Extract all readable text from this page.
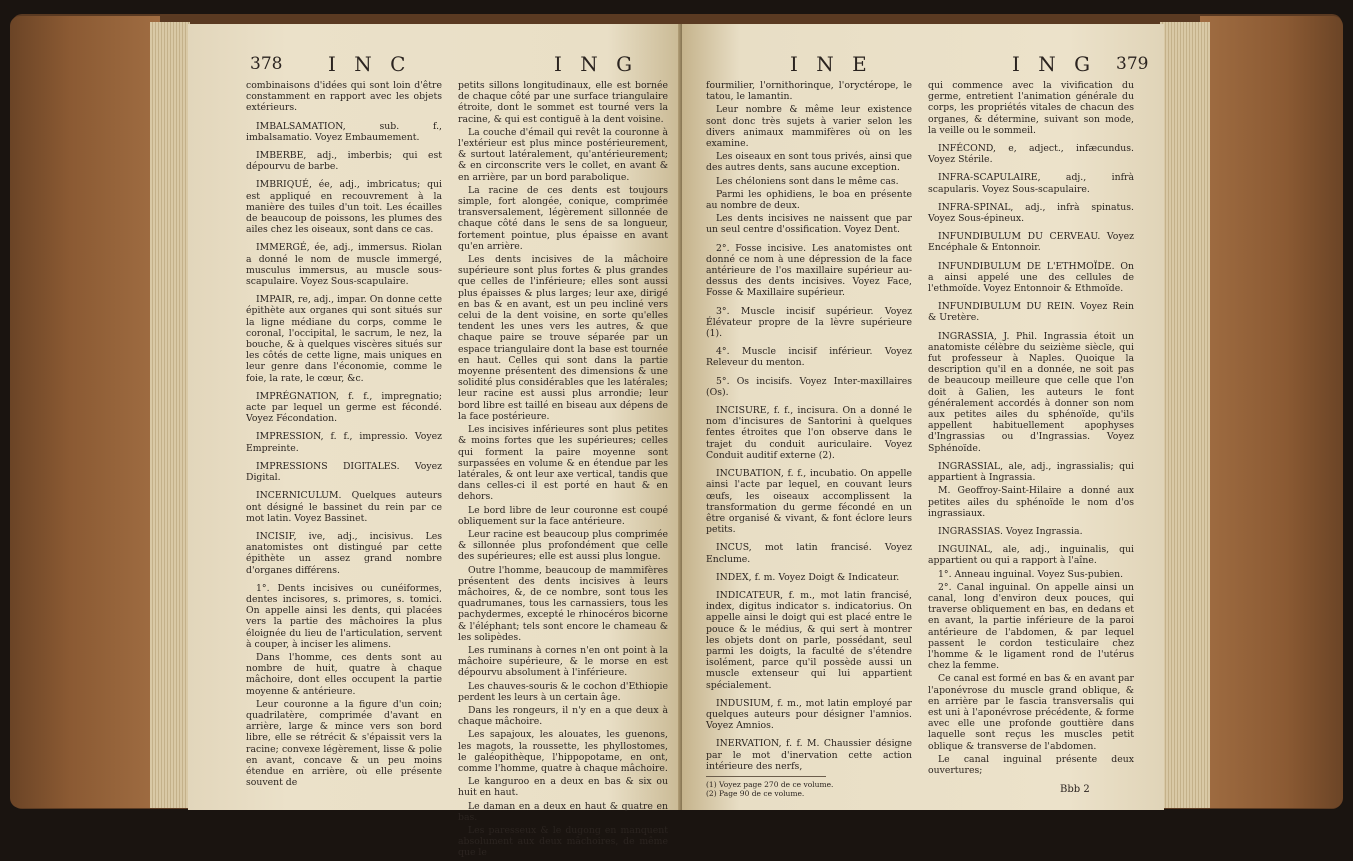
378 I N C	I N G

combinaisons d'idées qui sont loin d'être constamment en rapport avec les objets extérieurs.

IMBALSAMATION, sub. f., imbalsamatio. Voyez Embaumement.

IMBERBE, adj., imberbis; qui est dépourvu de barbe.

IMBRIQUÉ, ée, adj., imbricatus; qui est appliqué en recouvrement à la manière des tuiles d'un toit. Les écailles de beaucoup de poissons, les plumes des ailes chez les oiseaux, sont dans ce cas.

IMMERGÉ, ée, adj., immersus. Riolan a donné le nom de muscle immergé, musculus immersus, au muscle sous-scapulaire. Voyez Sous-scapulaire.

IMPAIR, re, adj., impar. On donne cette épithète aux organes qui sont situés sur la ligne médiane du corps, comme le coronal, l'occipital, le sacrum, le nez, la bouche, & à quelques viscères situés sur les côtés de cette ligne, mais uniques en leur genre dans l'économie, comme le foie, la rate, le cœur, &c.

IMPRÉGNATION, f. f., impregnatio; acte par lequel un germe est fécondé. Voyez Fécondation.

IMPRESSION, f. f., impressio. Voyez Empreinte.

IMPRESSIONS DIGITALES. Voyez Digital.

INCERNICULUM. Quelques auteurs ont désigné le bassinet du rein par ce mot latin. Voyez Bassinet.

INCISIF, ive, adj., incisivus. Les anatomistes ont distingué par cette épithète un assez grand nombre d'organes différens.

1°. Dents incisives ou cunéiformes, dentes incisores, s. primores, s. tomici. On appelle ainsi les dents, qui placées vers la partie des mâchoires la plus éloignée du lieu de l'articulation, servent à couper, à inciser les alimens.

Dans l'homme, ces dents sont au nombre de huit, quatre à chaque mâchoire, dont elles occupent la partie moyenne & antérieure.

Leur couronne a la figure d'un coin; quadrilatère, comprimée d'avant en arrière, large & mince vers son bord libre, elle se rétrécit & s'épaissit vers la racine; convexe légèrement, lisse & polie en avant, concave & un peu moins étendue en arrière, où elle présente souvent de

petits sillons longitudinaux, elle est bornée de chaque côté par une surface triangulaire étroite, dont le sommet est tourné vers la racine, & qui est contiguë à la dent voisine.

La couche d'émail qui revêt la couronne à l'extérieur est plus mince postérieurement, & surtout latéralement, qu'antérieurement; & en circonscrite vers le collet, en avant & en arrière, par un bord parabolique.

La racine de ces dents est toujours simple, fort alongée, conique, comprimée transversalement, légèrement sillonnée de chaque côté dans le sens de sa longueur, fortement pointue, plus épaisse en avant qu'en arrière.

Les dents incisives de la mâchoire supérieure sont plus fortes & plus grandes que celles de l'inférieure; elles sont aussi plus épaisses & plus larges; leur axe, dirigé en bas & en avant, est un peu incliné vers celui de la dent voisine, en sorte qu'elles tendent les unes vers les autres, & que chaque paire se trouve séparée par un espace triangulaire dont la base est tournée en haut. Celles qui sont dans la partie moyenne présentent des dimensions & une solidité plus considérables que les latérales; leur racine est aussi plus arrondie; leur bord libre est taillé en biseau aux dépens de la face postérieure.

Les incisives inférieures sont plus petites & moins fortes que les supérieures; celles qui forment la paire moyenne sont surpassées en volume & en étendue par les latérales, & ont leur axe vertical, tandis que dans celles-ci il est porté en haut & en dehors.

Le bord libre de leur couronne est coupé obliquement sur la face antérieure.

Leur racine est beaucoup plus comprimée & sillonnée plus profondément que celle des supérieures; elle est aussi plus longue.

Outre l'homme, beaucoup de mammifères présentent des dents incisives à leurs mâchoires, &, de ce nombre, sont tous les quadrumanes, tous les carnassiers, tous les pachydermes, excepté le rhinocéros bicorne & l'éléphant; tels sont encore le chameau & les solipèdes.

Les ruminans à cornes n'en ont point à la mâchoire supérieure, & le morse en est dépourvu absolument à l'inférieure.

Les chauves-souris & le cochon d'Ethiopie perdent les leurs à un certain âge.

Dans les rongeurs, il n'y en a que deux à chaque mâchoire.

Les sapajoux, les alouates, les guenons, les magots, la roussette, les phyllostomes, le galéopithèque, l'hippopotame, en ont, comme l'homme, quatre à chaque mâchoire.

Le kanguroo en a deux en bas & six ou huit en haut.

Le daman en a deux en haut & quatre en bas.

Les paresseux & le dugong en manquent absolument aux deux mâchoires, de même que le

I N E	I N G 379

fourmilier, l'ornithorinque, l'oryctérope, le tatou, le lamantin.

Leur nombre & même leur existence sont donc très sujets à varier selon les divers animaux mammifères où on les examine.

Les oiseaux en sont tous privés, ainsi que des autres dents, sans aucune exception.

Les chéloniens sont dans le même cas.

Parmi les ophidiens, le boa en présente au nombre de deux.

Les dents incisives ne naissent que par un seul centre d'ossification. Voyez Dent.

2°. Fosse incisive. Les anatomistes ont donné ce nom à une dépression de la face antérieure de l'os maxillaire supérieur au-dessus des dents incisives. Voyez Face, Fosse & Maxillaire supérieur.

3°. Muscle incisif supérieur. Voyez Élévateur propre de la lèvre supérieure (1).

4°. Muscle incisif inférieur. Voyez Releveur du menton.

5°. Os incisifs. Voyez Inter-maxillaires (Os).

INCISURE, f. f., incisura. On a donné le nom d'incisures de Santorini à quelques fentes étroites que l'on observe dans le trajet du conduit auriculaire. Voyez Conduit auditif externe (2).

INCUBATION, f. f., incubatio. On appelle ainsi l'acte par lequel, en couvant leurs œufs, les oiseaux accomplissent la transformation du germe fécondé en un être organisé & vivant, & font éclore leurs petits.

INCUS, mot latin francisé. Voyez Enclume.

INDEX, f. m. Voyez Doigt & Indicateur.

INDICATEUR, f. m., mot latin francisé, index, digitus indicator s. indicatorius. On appelle ainsi le doigt qui est placé entre le pouce & le médius, & qui sert à montrer les objets dont on parle, possédant, seul parmi les doigts, la faculté de s'étendre isolément, parce qu'il possède aussi un muscle extenseur qui lui appartient spécialement.

INDUSIUM, f. m., mot latin employé par quelques auteurs pour désigner l'amnios. Voyez Amnios.

INERVATION, f. f. M. Chaussier désigne par le mot d'inervation cette action intérieure des nerfs,

(1) Voyez page 270 de ce volume.
(2) Page 90 de ce volume.

qui commence avec la vivification du germe, entretient l'animation générale du corps, les propriétés vitales de chacun des organes, & détermine, suivant son mode, la veille ou le sommeil.

INFÉCOND, e, adject., infæcundus. Voyez Stérile.

INFRA-SCAPULAIRE, adj., infrà scapularis. Voyez Sous-scapulaire.

INFRA-SPINAL, adj., infrà spinatus. Voyez Sous-épineux.

INFUNDIBULUM DU CERVEAU. Voyez Encéphale & Entonnoir.

INFUNDIBULUM DE L'ETHMOÏDE. On a ainsi appelé une des cellules de l'ethmoïde. Voyez Entonnoir & Ethmoïde.

INFUNDIBULUM DU REIN. Voyez Rein & Uretère.

INGRASSIA, J. Phil. Ingrassia étoit un anatomiste célèbre du seizième siècle, qui fut professeur à Naples. Quoique la description qu'il en a donnée, ne soit pas de beaucoup meilleure que celle que l'on doit à Galien, les auteurs le font généralement accordés à donner son nom aux petites ailes du sphénoïde, qu'ils appellent habituellement apophyses d'Ingrassias ou d'Ingrassias. Voyez Sphénoïde.

INGRASSIAL, ale, adj., ingrassialis; qui appartient à Ingrassia.

M. Geoffroy-Saint-Hilaire a donné aux petites ailes du sphénoïde le nom d'os ingrassiaux.

INGRASSIAS. Voyez Ingrassia.

INGUINAL, ale, adj., inguinalis, qui appartient ou qui a rapport à l'aîne.

1°. Anneau inguinal. Voyez Sus-pubien.

2°. Canal inguinal. On appelle ainsi un canal, long d'environ deux pouces, qui traverse obliquement en bas, en dedans et en avant, la partie inférieure de la paroi antérieure de l'abdomen, & par lequel passent le cordon testiculaire chez l'homme & le ligament rond de l'utérus chez la femme.

Ce canal est formé en bas & en avant par l'aponévrose du muscle grand oblique, & en arrière par le fascia transversalis qui est uni à l'aponévrose précédente, & forme avec elle une profonde gouttière dans laquelle sont reçus les muscles petit oblique & transverse de l'abdomen.

Le canal inguinal présente deux ouvertures;

Bbb 2
